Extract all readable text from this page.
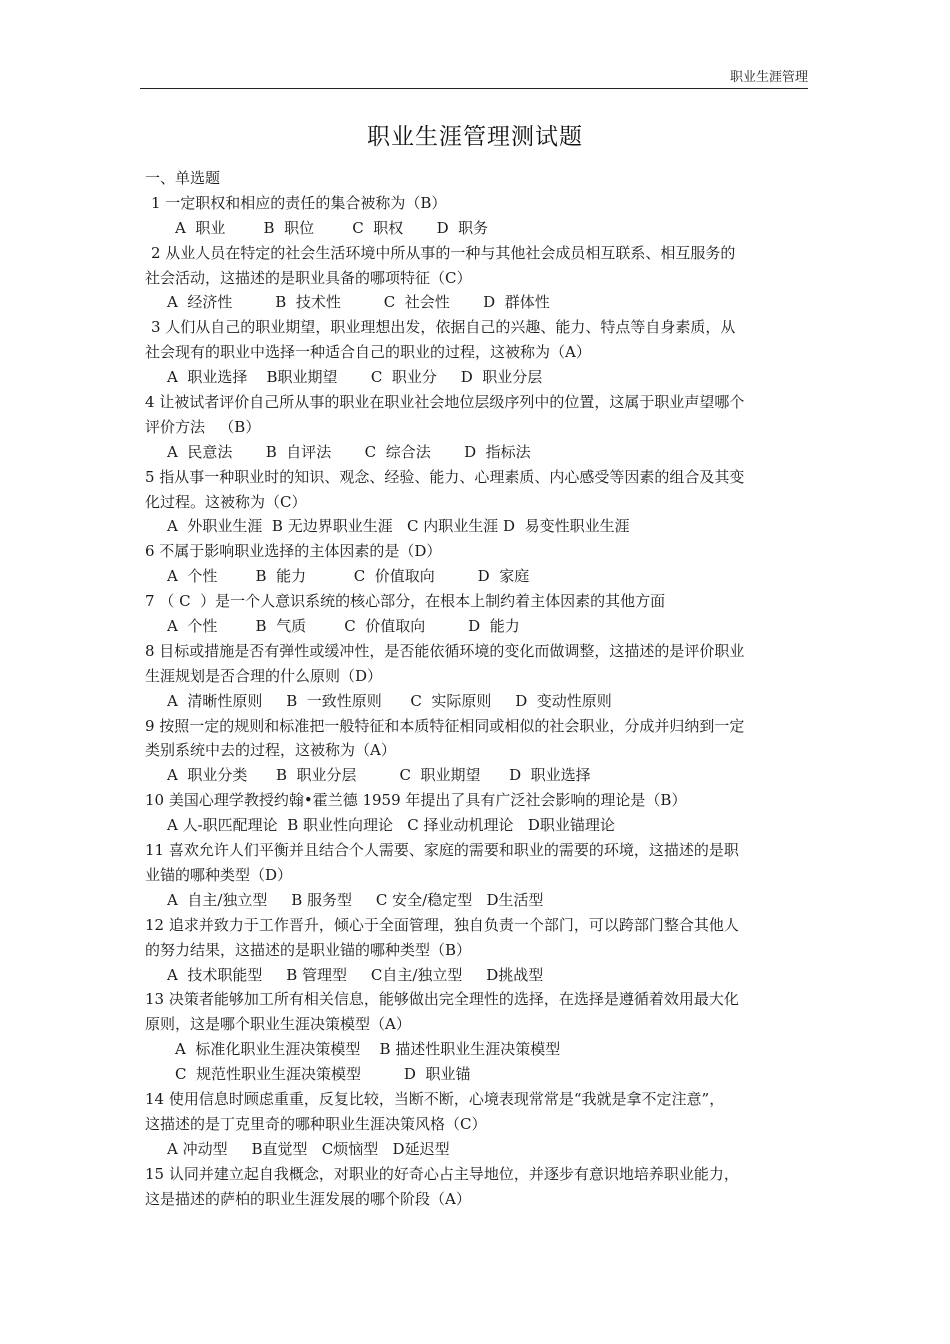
职业生涯管理
职业生涯管理测试题
一、单选题
1 一定职权和相应的责任的集合被称为（B）
A  职业        B  职位        C  职权       D  职务
2 从业人员在特定的社会生活环境中所从事的一种与其他社会成员相互联系、相互服务的
社会活动，这描述的是职业具备的哪项特征（C）
A  经济性         B  技术性         C  社会性       D  群体性
3 人们从自己的职业期望，职业理想出发，依据自己的兴趣、能力、特点等自身素质，从
社会现有的职业中选择一种适合自己的职业的过程，这被称为（A）
A  职业选择    B职业期望       C  职业分     D  职业分层
4 让被试者评价自己所从事的职业在职业社会地位层级序列中的位置，这属于职业声望哪个
评价方法   （B）
A  民意法       B  自评法       C  综合法       D  指标法
5 指从事一种职业时的知识、观念、经验、能力、心理素质、内心感受等因素的组合及其变
化过程。这被称为（C）
A  外职业生涯  B 无边界职业生涯   C 内职业生涯 D  易变性职业生涯
6 不属于影响职业选择的主体因素的是（D）
A  个性        B  能力          C  价值取向         D  家庭
7 （ C  ）是一个人意识系统的核心部分，在根本上制约着主体因素的其他方面
A  个性        B  气质        C  价值取向         D  能力
8 目标或措施是否有弹性或缓冲性，是否能依循环境的变化而做调整，这描述的是评价职业
生涯规划是否合理的什么原则（D）
A  清晰性原则     B  一致性原则      C  实际原则     D  变动性原则
9 按照一定的规则和标准把一般特征和本质特征相同或相似的社会职业，分成并归纳到一定
类别系统中去的过程，这被称为（A）
A  职业分类      B  职业分层         C  职业期望      D  职业选择
10 美国心理学教授约翰•霍兰德 1959 年提出了具有广泛社会影响的理论是（B）
A 人-职匹配理论  B 职业性向理论   C 择业动机理论   D职业锚理论
11 喜欢允许人们平衡并且结合个人需要、家庭的需要和职业的需要的环境，这描述的是职
业锚的哪种类型（D）
A  自主/独立型     B 服务型     C 安全/稳定型   D生活型
12 追求并致力于工作晋升，倾心于全面管理，独自负责一个部门，可以跨部门整合其他人
的努力结果，这描述的是职业锚的哪种类型（B）
A  技术职能型     B 管理型     C自主/独立型     D挑战型
13 决策者能够加工所有相关信息，能够做出完全理性的选择，在选择是遵循着效用最大化
原则，这是哪个职业生涯决策模型（A）
A  标准化职业生涯决策模型    B 描述性职业生涯决策模型
C  规范性职业生涯决策模型         D  职业锚
14 使用信息时顾虑重重，反复比较，当断不断，心境表现常常是“我就是拿不定注意”，
这描述的是丁克里奇的哪种职业生涯决策风格（C）
A 冲动型     B直觉型   C烦恼型   D延迟型
15 认同并建立起自我概念，对职业的好奇心占主导地位，并逐步有意识地培养职业能力，
这是描述的萨柏的职业生涯发展的哪个阶段（A）
